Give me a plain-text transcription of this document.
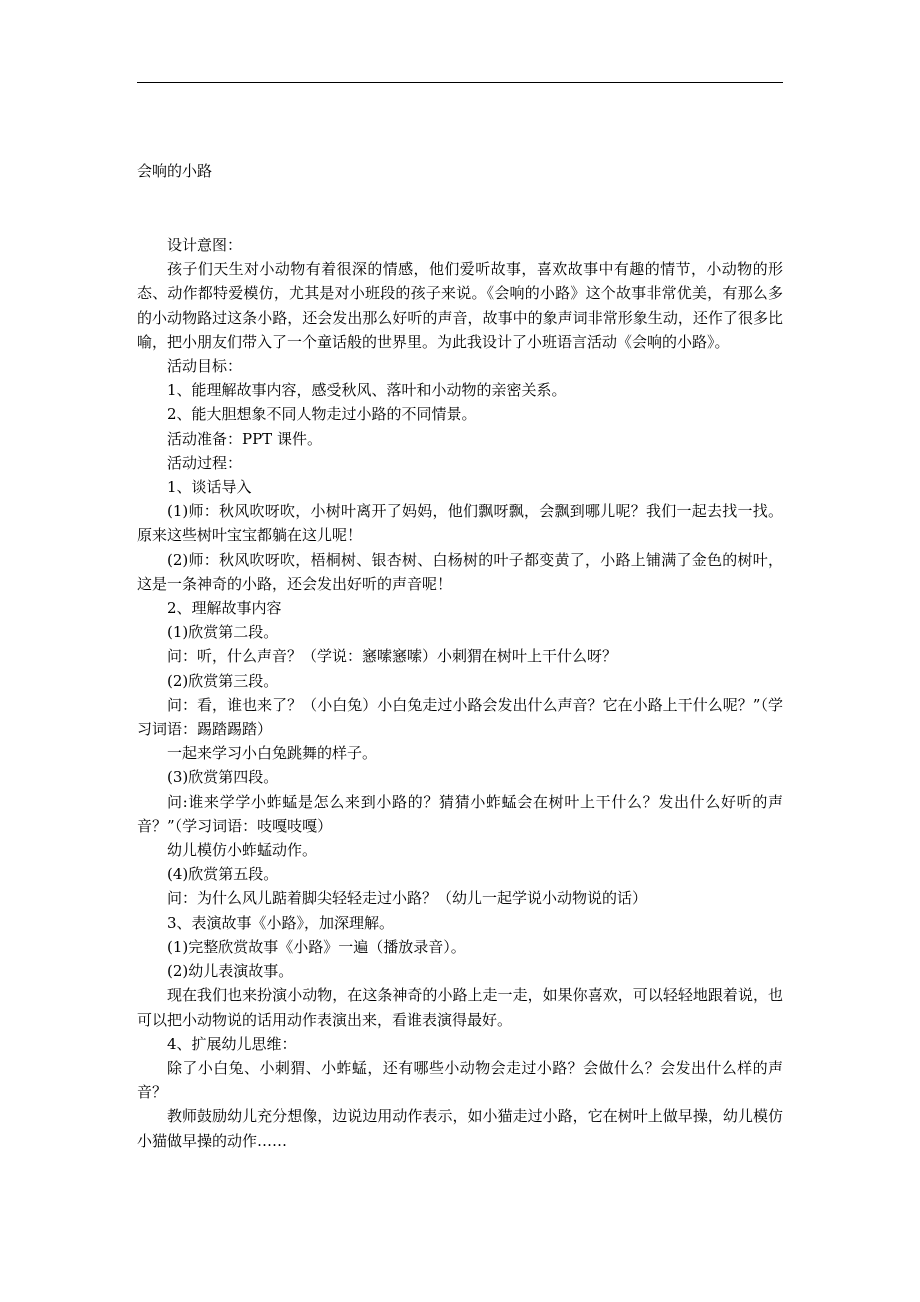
会响的小路

设计意图：

孩子们天生对小动物有着很深的情感，他们爱听故事，喜欢故事中有趣的情节，小动物的形态、动作都特爱模仿，尤其是对小班段的孩子来说。《会响的小路》这个故事非常优美，有那么多的小动物路过这条小路，还会发出那么好听的声音，故事中的象声词非常形象生动，还作了很多比喻，把小朋友们带入了一个童话般的世界里。为此我设计了小班语言活动《会响的小路》。

活动目标：

1、能理解故事内容，感受秋风、落叶和小动物的亲密关系。

2、能大胆想象不同人物走过小路的不同情景。

活动准备：PPT 课件。

活动过程：

1、谈话导入

(1)师：秋风吹呀吹，小树叶离开了妈妈，他们飘呀飘，会飘到哪儿呢？我们一起去找一找。原来这些树叶宝宝都躺在这儿呢！

(2)师：秋风吹呀吹，梧桐树、银杏树、白杨树的叶子都变黄了，小路上铺满了金色的树叶，这是一条神奇的小路，还会发出好听的声音呢！

2、理解故事内容

(1)欣赏第二段。

问：听，什么声音？（学说：窸嗦窸嗦）小刺猬在树叶上干什么呀？

(2)欣赏第三段。

问：看，谁也来了？（小白兔）小白兔走过小路会发出什么声音？它在小路上干什么呢？”（学习词语：踢踏踢踏）

一起来学习小白兔跳舞的样子。

(3)欣赏第四段。

问:谁来学学小蚱蜢是怎么来到小路的？猜猜小蚱蜢会在树叶上干什么？发出什么好听的声音？”（学习词语：吱嘎吱嘎）

幼儿模仿小蚱蜢动作。

(4)欣赏第五段。

问：为什么风儿踮着脚尖轻轻走过小路？（幼儿一起学说小动物说的话）

3、表演故事《小路》，加深理解。

(1)完整欣赏故事《小路》一遍（播放录音）。

(2)幼儿表演故事。

现在我们也来扮演小动物，在这条神奇的小路上走一走，如果你喜欢，可以轻轻地跟着说，也可以把小动物说的话用动作表演出来，看谁表演得最好。

4、扩展幼儿思维：

除了小白兔、小刺猬、小蚱蜢，还有哪些小动物会走过小路？会做什么？会发出什么样的声音？

教师鼓励幼儿充分想像，边说边用动作表示，如小猫走过小路，它在树叶上做早操，幼儿模仿小猫做早操的动作……
